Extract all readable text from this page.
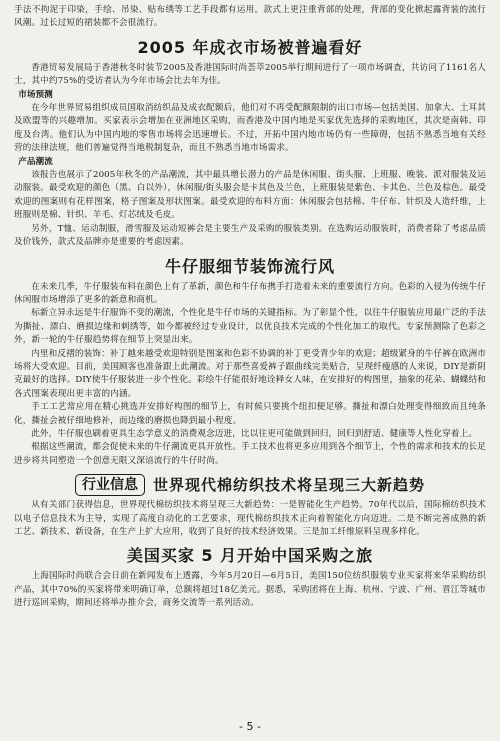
手法不拘泥于印染，手绘、吊染、贴布绣等工艺手段都有运用。款式上更注重背部的处理，背部的变化掀起露背装的流行风潮。过长过短的裙装都不会很流行。

2005 年成衣市场被普遍看好

香港贸易发展局于香港秋冬时装节2005及香港国际时尚荟萃2005举行期间进行了一项市场调查，共访问了1161名人士，其中约75%的受访者认为今年市场会比去年为佳。

市场预测

在今年世界贸易组织成员国取消纺织品及成衣配额后，他们对不再受配额限制的出口市场—包括美国、加拿大、土耳其及欧盟等的兴趣增加。买家表示会增加在亚洲地区采购，而香港及中国内地是买家优先选择的采购地区，其次是南韩、印度及台湾。他们认为中国内地的零售市场将会迅速增长。不过，开拓中国内地市场仍有一些障碍，包括不熟悉当地有关经营的法律法规，他们普遍觉得当地税制复杂，而且不熟悉当地市场需求。

产品潮流

该报告也展示了2005年秋冬的产品潮流，其中最具增长潜力的产品是休闲服、街头服、上班服、晚装、派对服装及运动服装。最受欢迎的颜色（黑、白以外），休闲服/街头服会是卡其色及兰色，上班服装是紫色、卡其色、兰色及棕色。最受欢迎的图案则有花样图案，格子图案及形状图案。最受欢迎的布料方面：休闲服会包括棉、牛仔布、针织及人造纤维，上班服则是棉、针织、羊毛、灯芯绒及毛皮。

另外，T恤、运动制服，滑雪服及运动短裤会是主要生产及采购的服装类别。在选购运动服装时，消费者除了考虑品质及价钱外，款式及品牌亦是重要的考虑因素。

牛仔服细节装饰流行风

在未来几季，牛仔服装布料在颜色上有了革新，颜色和牛仔布携手打造着未来的重要流行方向。色彩的入侵为传统牛仔休闲服市场增添了更多的新意和商机。

标新立异永远是牛仔服饰不变的潮流，个性化是牛仔市场的关键指标。为了彰显个性，以往牛仔服装应用最广泛的手法为撕扯、漂白、磨损边缘和刺绣等，如今都被经过专业设计，以优良技术完成的个性化加工的取代。专家预测除了色彩之外，新一轮的牛仔服趋势将在细节上突显出来。

内里和反褶的装饰：补丁越来越受欢迎特别是图案和色彩不协调的补丁更受青少年的欢迎；超级紧身的牛仔裤在欧洲市场将大受欢迎。目前，美国顾客也准备跟上此潮流。对于那些喜爱裤子跟曲线完美贴合，呈现纤瘦感的人来说，DIY是新阴克最好的选择。DIY使牛仔服装进一步个性化。彩绘牛仔能很好地诠释女人味，在安排好的构图里，抽象的花朵、蝴蝶结和各式图案表现出更丰富的内涵。

手工工艺常应用在精心挑选并安排好构图的细节上，有时候只要挑个纽扣便足够。撕扯和漂白处理变得细致而且纯条化，撕扯会被仔细地修补，而边缘的磨损也降到最小程度。

此外，牛仔服也刷着更具生态学意义的消费观念迈进，比以往更可能做到回归，回归到舒适、健康等人性化穿着上。

根据这些潮流，都会促使未来的牛仔潮流更具开放性。手工技术也将更多应用到各个细节上，个性的需求和技术的长足进步将共同塑造一个创意无限又深谙流行的牛仔时尚。

行业信息	世界现代棉纺织技术将呈现三大新趋势

从有关部门获得信息，世界现代棉纺织技术将呈现三大新趋势：一是智能化生产趋势。70年代以后，国际棉纺织技术以电子信息技术为主导，实现了高度自动化的工艺要求，现代棉纺织技术正向着智能化方向迈进。二是不断完善成熟的新工艺、新技术、新设备，在生产上扩大应用，收到了良好的技术经济效果。三是加工纤维原料呈现多样化。

美国买家 5 月开始中国采购之旅

上海国际时尚联合会日前在新闻发布上透露，今年5月20日—6月5日，美国150位纺织服装专业买家将来华采购纺织产品，其中70%的买家将带来明确订单，总额将超过18亿美元。据悉，采购团将在上海、杭州、宁波、广州、晋江等城市进行巡回采购，期间还将举办推介会，商务交流等一系列活动。

- 5 -
